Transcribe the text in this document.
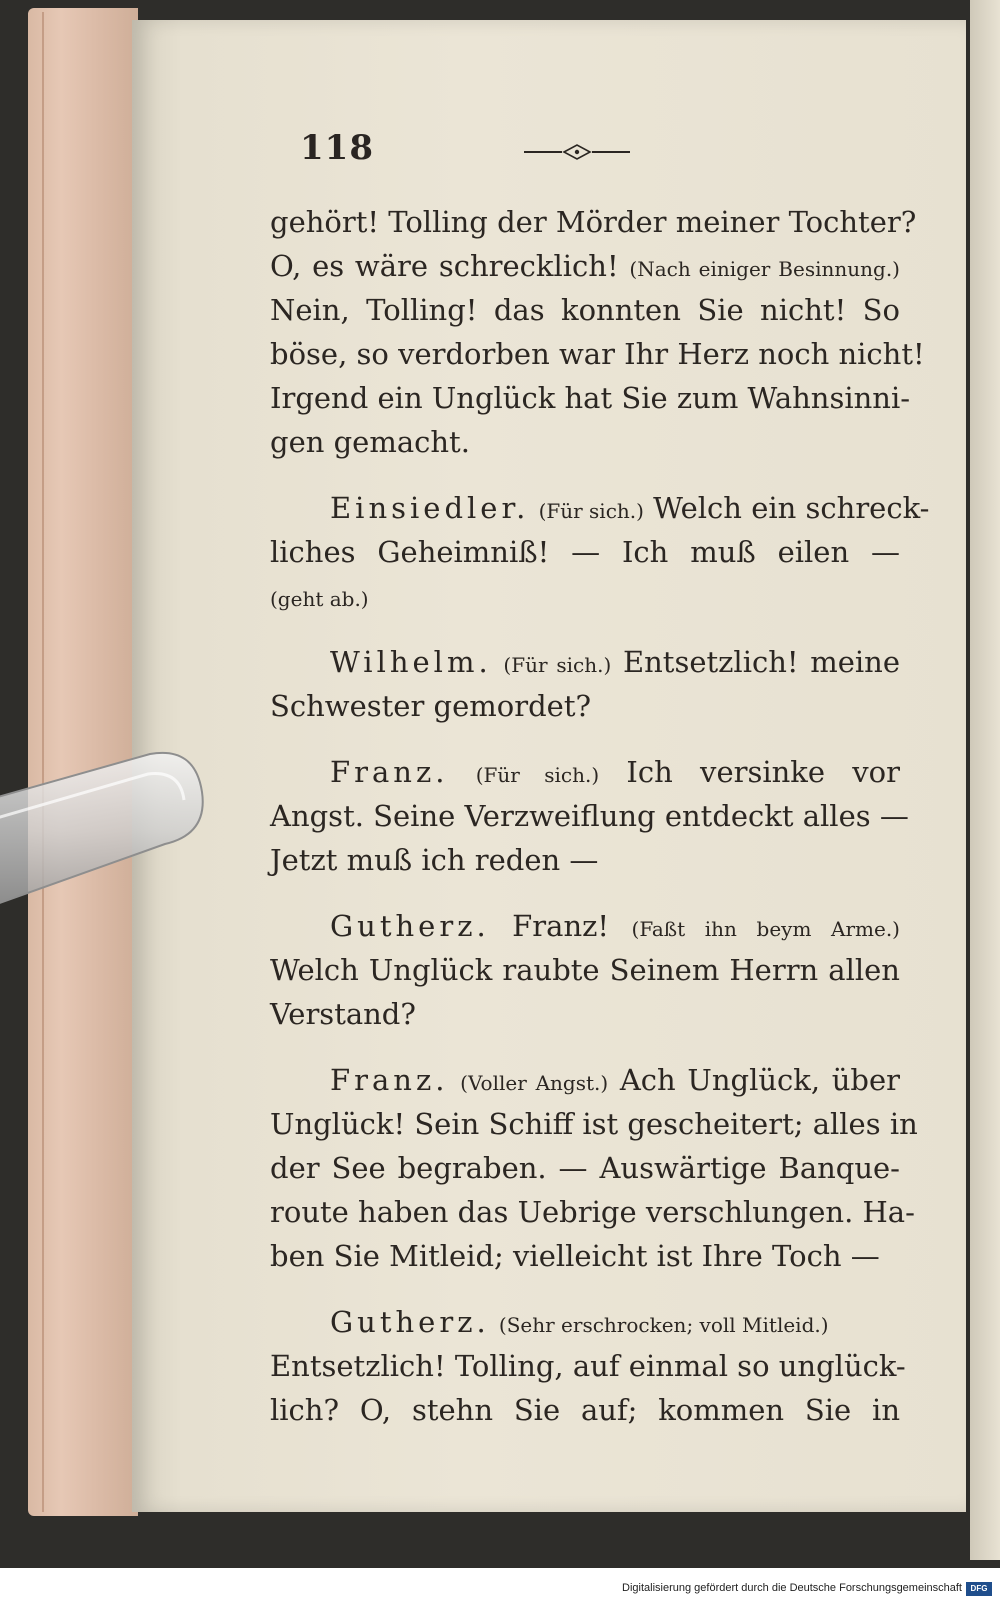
118
gehört! Tolling der Mörder meiner Tochter?
O, es wäre schrecklich! (Nach einiger Besinnung.)
Nein, Tolling! das konnten Sie nicht! So
böse, so verdorben war Ihr Herz noch nicht!
Irgend ein Unglück hat Sie zum Wahnsinni-
gen gemacht.
Einsiedler. (Für sich.) Welch ein schreck-
liches Geheimniß! — Ich muß eilen —
(geht ab.)
Wilhelm. (Für sich.) Entsetzlich! meine
Schwester gemordet?
Franz. (Für sich.) Ich versinke vor
Angst. Seine Verzweiflung entdeckt alles —
Jetzt muß ich reden —
Gutherz. Franz! (Faßt ihn beym Arme.)
Welch Unglück raubte Seinem Herrn allen
Verstand?
Franz. (Voller Angst.) Ach Unglück, über
Unglück! Sein Schiff ist gescheitert; alles in
der See begraben. — Auswärtige Banque-
route haben das Uebrige verschlungen. Ha-
ben Sie Mitleid; vielleicht ist Ihre Toch —
Gutherz. (Sehr erschrocken; voll Mitleid.)
Entsetzlich! Tolling, auf einmal so unglück-
lich? O, stehn Sie auf; kommen Sie in
Digitalisierung gefördert durch die Deutsche Forschungsgemeinschaft	DFG
